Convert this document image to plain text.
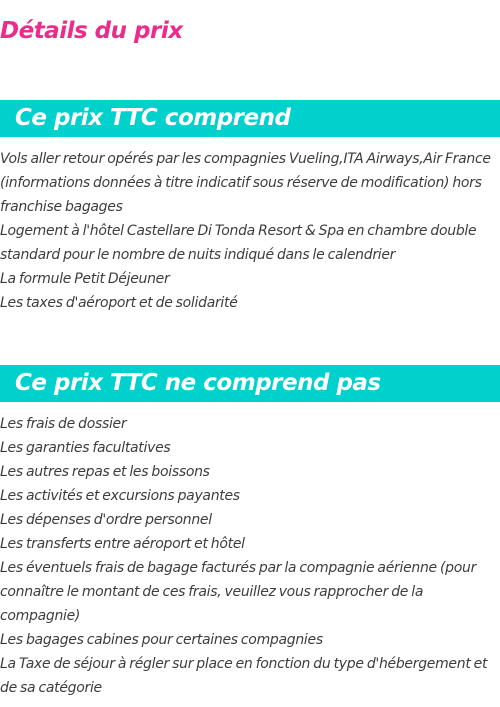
Détails du prix
Ce prix TTC comprend
Vols aller retour opérés par les compagnies Vueling,ITA Airways,Air France (informations données à titre indicatif sous réserve de modification) hors franchise bagages
Logement à l'hôtel Castellare Di Tonda Resort & Spa en chambre double standard pour le nombre de nuits indiqué dans le calendrier
La formule Petit Déjeuner
Les taxes d'aéroport et de solidarité
Ce prix TTC ne comprend pas
Les frais de dossier
Les garanties facultatives
Les autres repas et les boissons
Les activités et excursions payantes
Les dépenses d'ordre personnel
Les transferts entre aéroport et hôtel
Les éventuels frais de bagage facturés par la compagnie aérienne (pour connaître le montant de ces frais, veuillez vous rapprocher de la compagnie)
Les bagages cabines pour certaines compagnies
La Taxe de séjour à régler sur place en fonction du type d'hébergement et de sa catégorie
